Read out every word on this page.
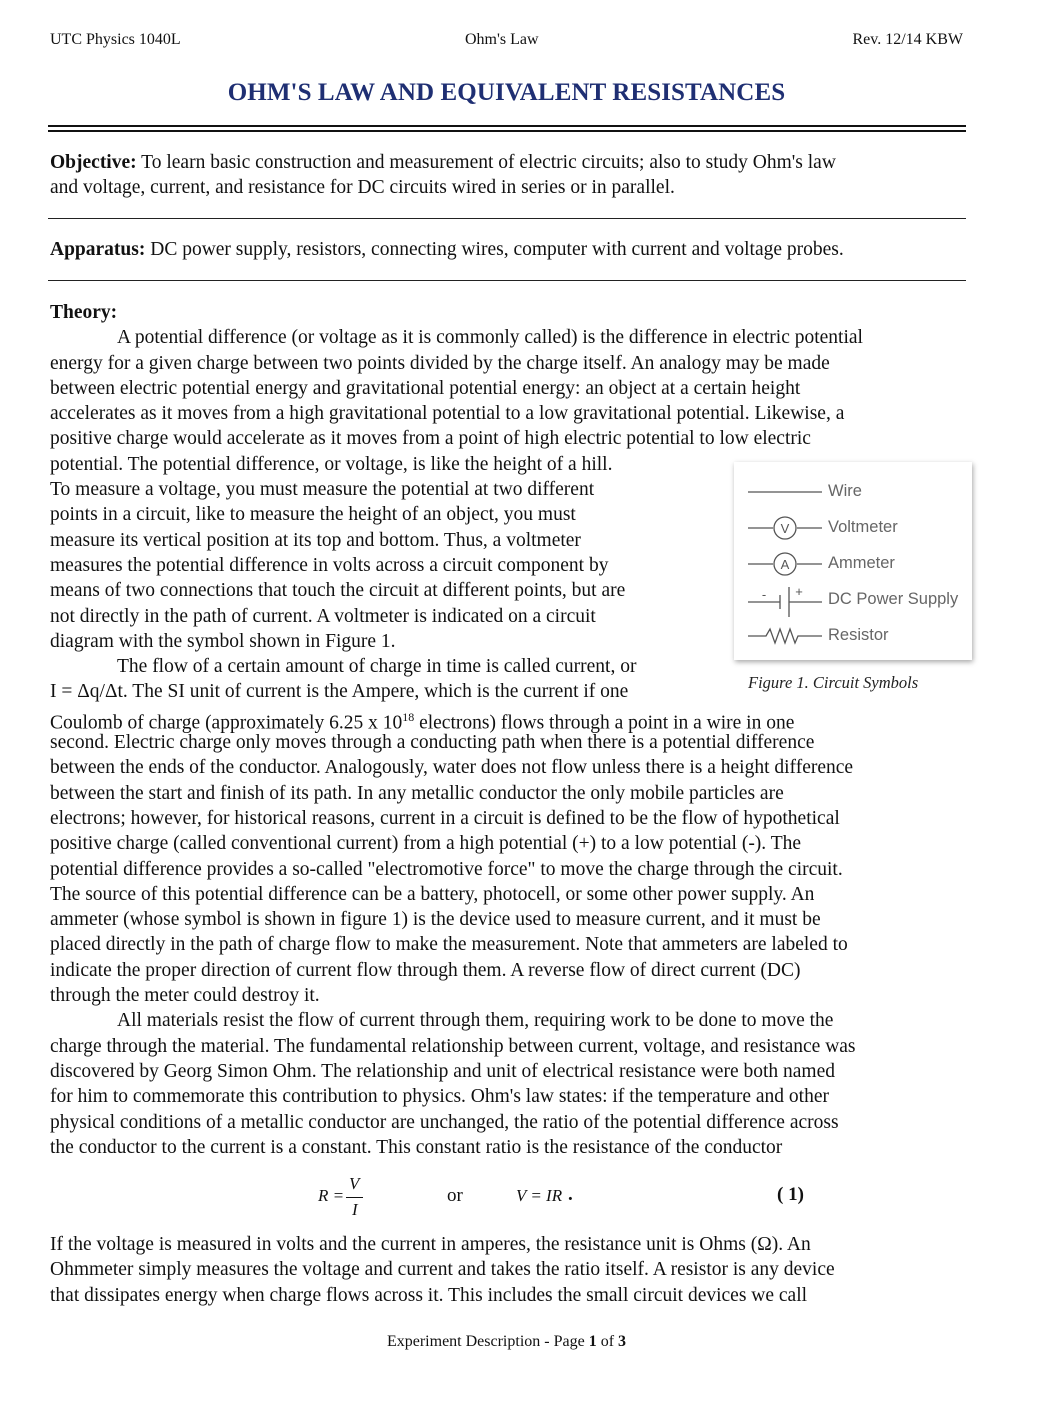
UTC Physics 1040L	Ohm's Law	Rev. 12/14 KBW
OHM'S LAW AND EQUIVALENT RESISTANCES
Objective: To learn basic construction and measurement of electric circuits; also to study Ohm's law
and voltage, current, and resistance for DC circuits wired in series or in parallel.
Apparatus: DC power supply, resistors, connecting wires, computer with current and voltage probes.
Theory:
A potential difference (or voltage as it is commonly called) is the difference in electric potential
energy for a given charge between two points divided by the charge itself. An analogy may be made
between electric potential energy and gravitational potential energy: an object at a certain height
accelerates as it moves from a high gravitational potential to a low gravitational potential. Likewise, a
positive charge would accelerate as it moves from a point of high electric potential to low electric
potential. The potential difference, or voltage, is like the height of a hill.
To measure a voltage, you must measure the potential at two different
points in a circuit, like to measure the height of an object, you must
measure its vertical position at its top and bottom. Thus, a voltmeter
measures the potential difference in volts across a circuit component by
means of two connections that touch the circuit at different points, but are
not directly in the path of current. A voltmeter is indicated on a circuit
diagram with the symbol shown in Figure 1.
The flow of a certain amount of charge in time is called current, or
I = Δq/Δt. The SI unit of current is the Ampere, which is the current if one
Coulomb of charge (approximately 6.25 x $10^{18}$ electrons) flows through a point in a wire in one
second. Electric charge only moves through a conducting path when there is a potential difference
between the ends of the conductor. Analogously, water does not flow unless there is a height difference
between the start and finish of its path. In any metallic conductor the only mobile particles are
electrons; however, for historical reasons, current in a circuit is defined to be the flow of hypothetical
positive charge (called conventional current) from a high potential (+) to a low potential (-). The
potential difference provides a so-called "electromotive force" to move the charge through the circuit.
The source of this potential difference can be a battery, photocell, or some other power supply. An
ammeter (whose symbol is shown in figure 1) is the device used to measure current, and it must be
placed directly in the path of charge flow to make the measurement. Note that ammeters are labeled to
indicate the proper direction of current flow through them. A reverse flow of direct current (DC)
through the meter could destroy it.
All materials resist the flow of current through them, requiring work to be done to move the
charge through the material. The fundamental relationship between current, voltage, and resistance was
discovered by Georg Simon Ohm. The relationship and unit of electrical resistance were both named
for him to commemorate this contribution to physics. Ohm's law states: if the temperature and other
physical conditions of a metallic conductor are unchanged, the ratio of the potential difference across
the conductor to the current is a constant. This constant ratio is the resistance of the conductor
R =
V
I
or	V = IR .	( 1)
If the voltage is measured in volts and the current in amperes, the resistance unit is Ohms (Ω). An
Ohmmeter simply measures the voltage and current and takes the ratio itself. A resistor is any device
that dissipates energy when charge flows across it. This includes the small circuit devices we call
V
A
- +
Wire
Voltmeter
Ammeter
DC Power Supply
Resistor
Figure 1. Circuit Symbols
Experiment Description - Page 1 of 3
